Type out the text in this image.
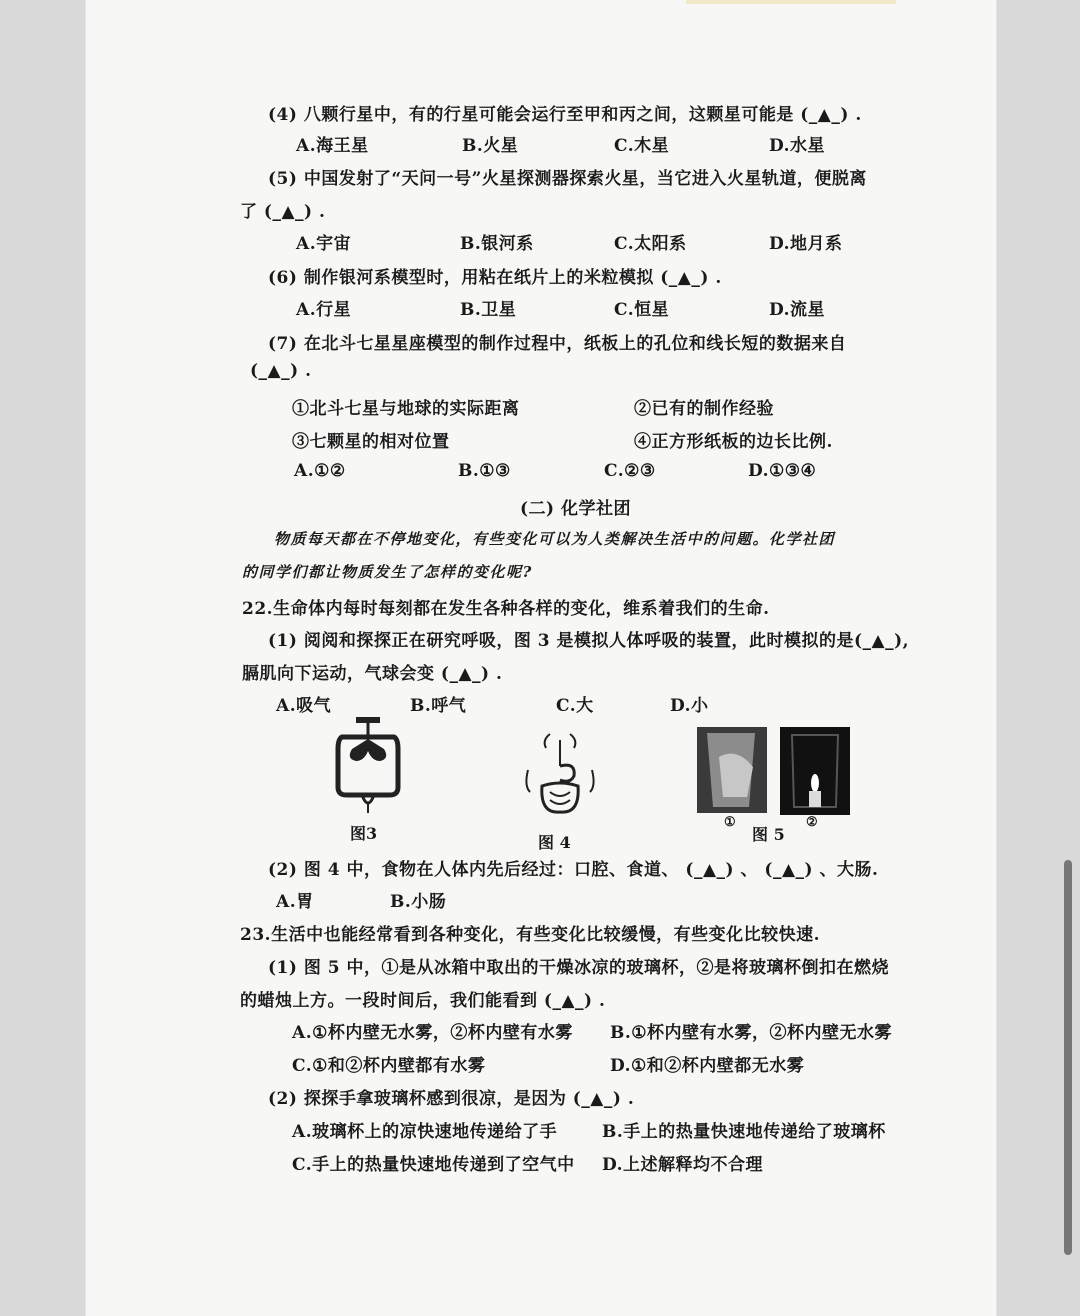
(4) 八颗行星中，有的行星可能会运行至甲和丙之间，这颗星可能是 (_▲_) .
A.海王星	B.火星	C.木星	D.水星
(5) 中国发射了“天问一号”火星探测器探索火星，当它进入火星轨道，便脱离
了 (_▲_) .
A.宇宙	B.银河系	C.太阳系	D.地月系
(6) 制作银河系模型时，用粘在纸片上的米粒模拟 (_▲_) .
A.行星	B.卫星	C.恒星	D.流星
(7) 在北斗七星星座模型的制作过程中，纸板上的孔位和线长短的数据来自
(_▲_) .
①北斗七星与地球的实际距离	②已有的制作经验
③七颗星的相对位置	④正方形纸板的边长比例.
A.①②	B.①③	C.②③	D.①③④
(二) 化学社团
物质每天都在不停地变化，有些变化可以为人类解决生活中的问题。化学社团
的同学们都让物质发生了怎样的变化呢?
22.生命体内每时每刻都在发生各种各样的变化，维系着我们的生命.
(1) 阅阅和探探正在研究呼吸，图 3 是模拟人体呼吸的装置，此时模拟的是(_▲_),
膈肌向下运动，气球会变 (_▲_) .
A.吸气	B.呼气	C.大	D.小
图3	图 4
①
图 5
②
(2) 图 4 中，食物在人体内先后经过：口腔、食道、 (_▲_) 、 (_▲_) 、大肠.
A.胃	B.小肠
23.生活中也能经常看到各种变化，有些变化比较缓慢，有些变化比较快速.
(1) 图 5 中，①是从冰箱中取出的干燥冰凉的玻璃杯，②是将玻璃杯倒扣在燃烧
的蜡烛上方。一段时间后，我们能看到 (_▲_) .
A.①杯内壁无水雾，②杯内壁有水雾 B.①杯内壁有水雾，②杯内壁无水雾
C.①和②杯内壁都有水雾	D.①和②杯内壁都无水雾
(2) 探探手拿玻璃杯感到很凉，是因为 (_▲_) .
A.玻璃杯上的凉快速地传递给了手	B.手上的热量快速地传递给了玻璃杯
C.手上的热量快速地传递到了空气中 D.上述解释均不合理
